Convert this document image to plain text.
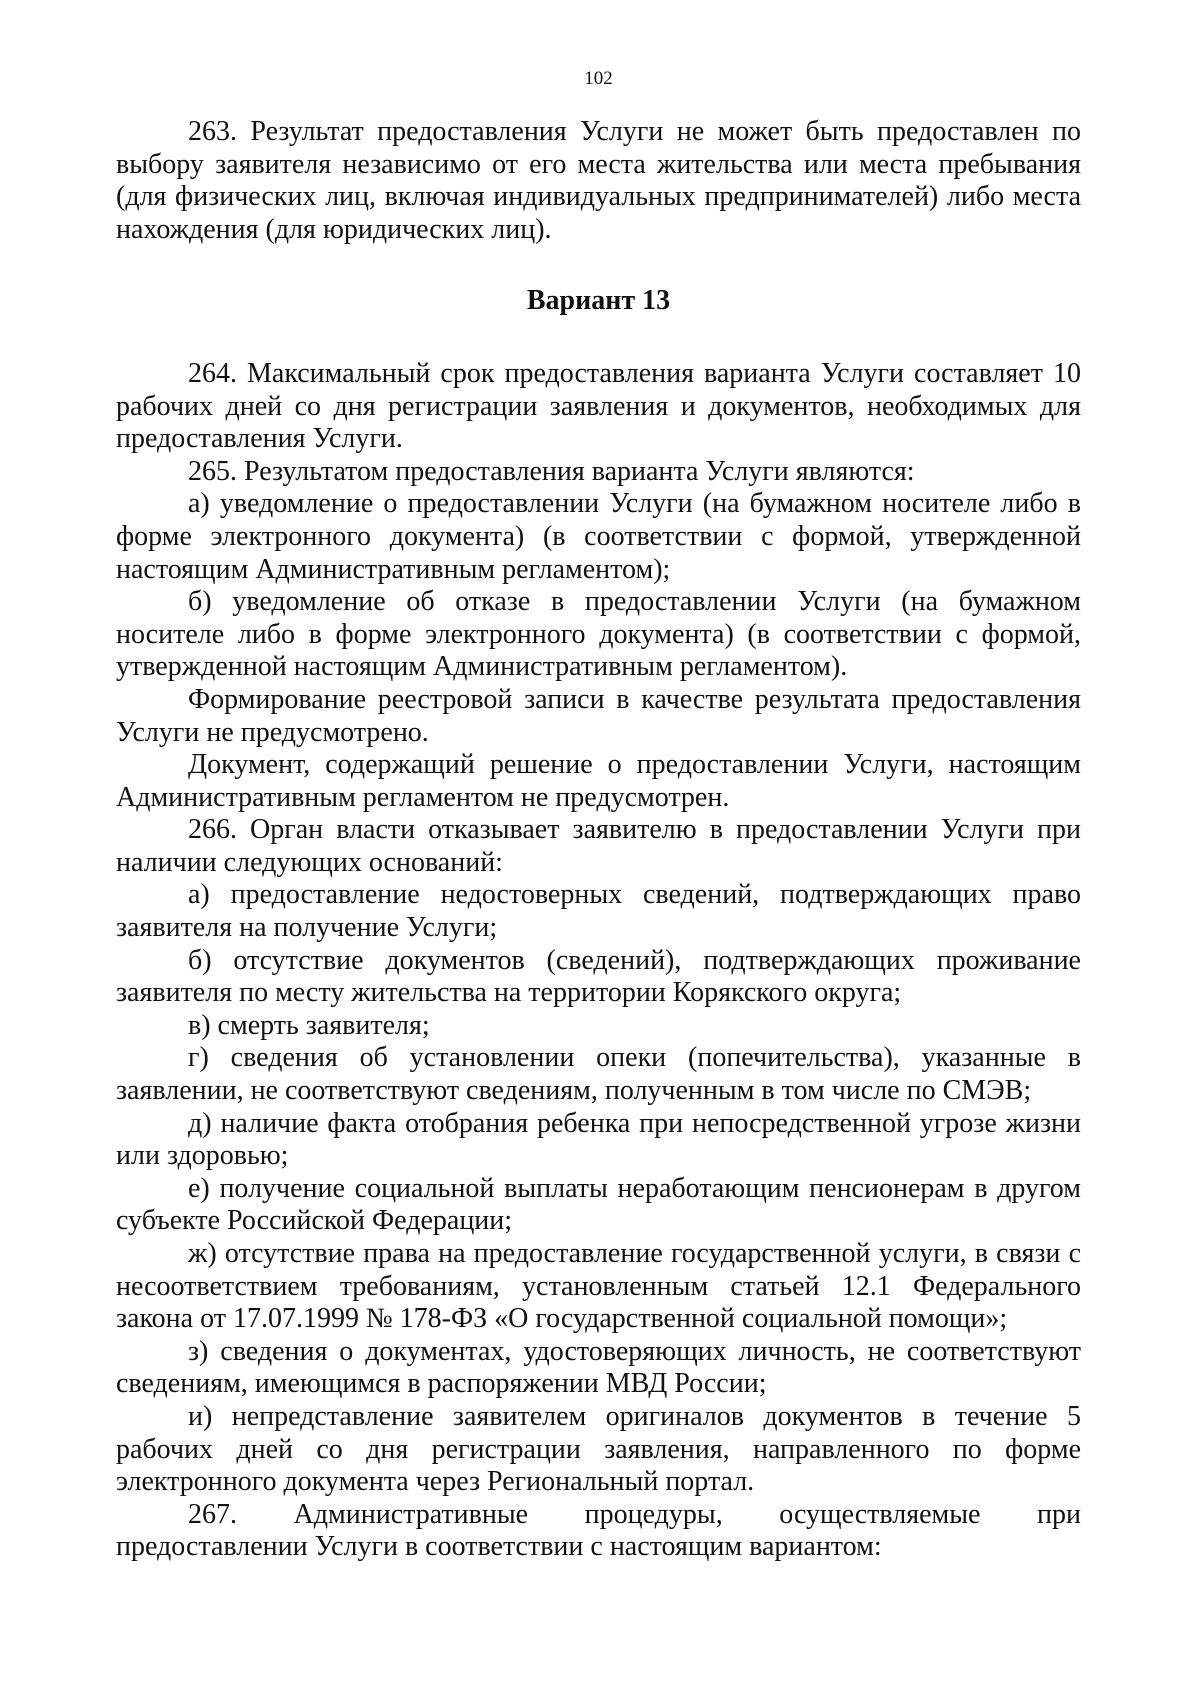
102

263. Результат предоставления Услуги не может быть предоставлен по выбору заявителя независимо от его места жительства или места пребывания (для физических лиц, включая индивидуальных предпринимателей) либо места нахождения (для юридических лиц).

Вариант 13

264. Максимальный срок предоставления варианта Услуги составляет 10 рабочих дней со дня регистрации заявления и документов, необходимых для предоставления Услуги.

265. Результатом предоставления варианта Услуги являются:

а) уведомление о предоставлении Услуги (на бумажном носителе либо в форме электронного документа) (в соответствии с формой, утвержденной настоящим Административным регламентом);

б) уведомление об отказе в предоставлении Услуги (на бумажном носителе либо в форме электронного документа) (в соответствии с формой, утвержденной настоящим Административным регламентом).

Формирование реестровой записи в качестве результата предоставления Услуги не предусмотрено.

Документ, содержащий решение о предоставлении Услуги, настоящим Административным регламентом не предусмотрен.

266. Орган власти отказывает заявителю в предоставлении Услуги при наличии следующих оснований:

а) предоставление недостоверных сведений, подтверждающих право заявителя на получение Услуги;

б) отсутствие документов (сведений), подтверждающих проживание заявителя по месту жительства на территории Корякского округа;

в) смерть заявителя;

г) сведения об установлении опеки (попечительства), указанные в заявлении, не соответствуют сведениям, полученным в том числе по СМЭВ;

д) наличие факта отобрания ребенка при непосредственной угрозе жизни или здоровью;

е) получение социальной выплаты неработающим пенсионерам в другом субъекте Российской Федерации;

ж) отсутствие права на предоставление государственной услуги, в связи с несоответствием требованиям, установленным статьей 12.1 Федерального закона от 17.07.1999 № 178-ФЗ «О государственной социальной помощи»;

з) сведения о документах, удостоверяющих личность, не соответствуют сведениям, имеющимся в распоряжении МВД России;

и) непредставление заявителем оригиналов документов в течение 5 рабочих дней со дня регистрации заявления, направленного по форме электронного документа через Региональный портал.

267. Административные процедуры, осуществляемые при предоставлении Услуги в соответствии с настоящим вариантом:
